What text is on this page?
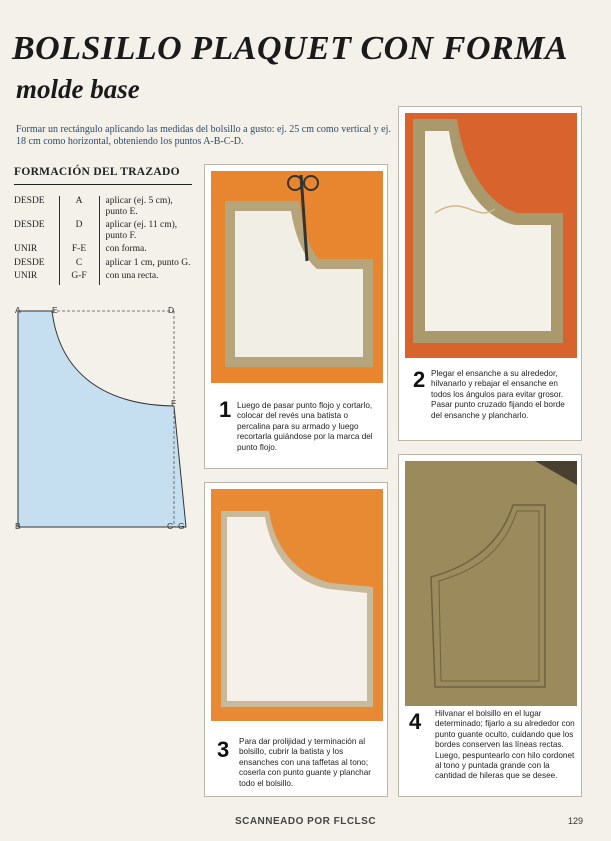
BOLSILLO PLAQUET CON FORMA
molde base
Formar un rectángulo aplicando las medidas del bolsillo a gusto: ej. 25 cm como vertical y ej. 18 cm como horizontal, obteniendo los puntos A-B-C-D.
FORMACIÓN DEL TRAZADO
DESDE	A	aplicar (ej. 5 cm), punto E.
DESDE	D	aplicar (ej. 11 cm), punto F.
UNIR	F-E	con forma.
DESDE	C	aplicar 1 cm, punto G.
UNIR	G-F	con una recta.
A	E	D
F
B	C G
1 Luego de pasar punto flojo y cortarlo, colocar del revés una batista o percalina para su armado y luego recortarla guiándose por la marca del punto flojo.
2 Plegar el ensanche a su alrededor, hilvanarlo y rebajar el ensanche en todos los ángulos para evitar grosor. Pasar punto cruzado fijando el borde del ensanche y plancharlo.
3 Para dar prolijidad y terminación al bolsillo, cubrir la batista y los ensanches con una taffetas al tono; coserla con punto guante y planchar todo el bolsillo.
4 Hilvanar el bolsillo en el lugar determinado; fijarlo a su alrededor con punto guante oculto, cuidando que los bordes conserven las líneas rectas. Luego, pespuntearlo con hilo cordonet al tono y puntada grande con la cantidad de hileras que se desee.
SCANNEADO POR FLCLSC	129
